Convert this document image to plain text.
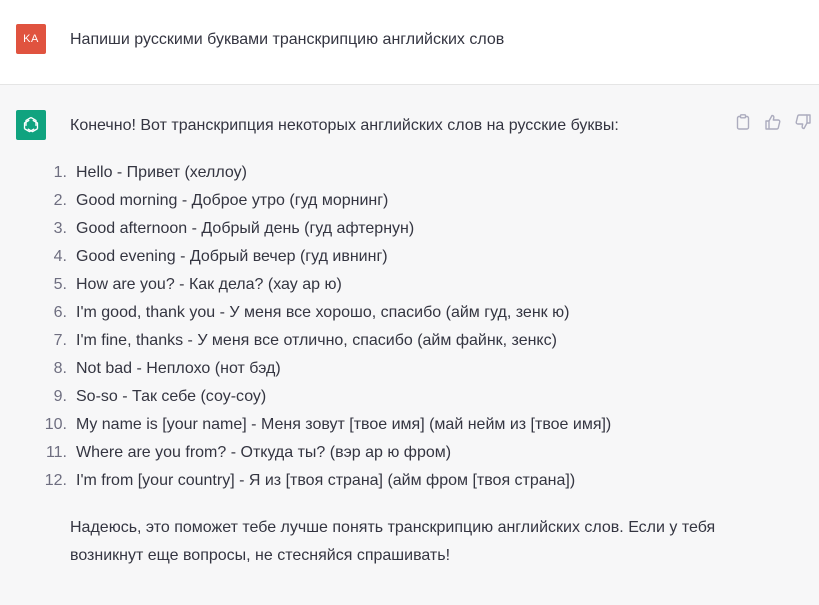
KA	Напиши русскими буквами транскрипцию английских слов

Конечно! Вот транскрипция некоторых английских слов на русские буквы:

1. Hello - Привет (хеллоу)
2. Good morning - Доброе утро (гуд морнинг)
3. Good afternoon - Добрый день (гуд афтернун)
4. Good evening - Добрый вечер (гуд ивнинг)
5. How are you? - Как дела? (хау ар ю)
6. I'm good, thank you - У меня все хорошо, спасибо (айм гуд, зенк ю)
7. I'm fine, thanks - У меня все отлично, спасибо (айм файнк, зенкс)
8. Not bad - Неплохо (нот бэд)
9. So-so - Так себе (соу-соу)
10. My name is [your name] - Меня зовут [твое имя] (май нейм из [твое имя])
11. Where are you from? - Откуда ты? (вэр ар ю фром)
12. I'm from [your country] - Я из [твоя страна] (айм фром [твоя страна])

Надеюсь, это поможет тебе лучше понять транскрипцию английских слов. Если у тебя возникнут еще вопросы, не стесняйся спрашивать!
